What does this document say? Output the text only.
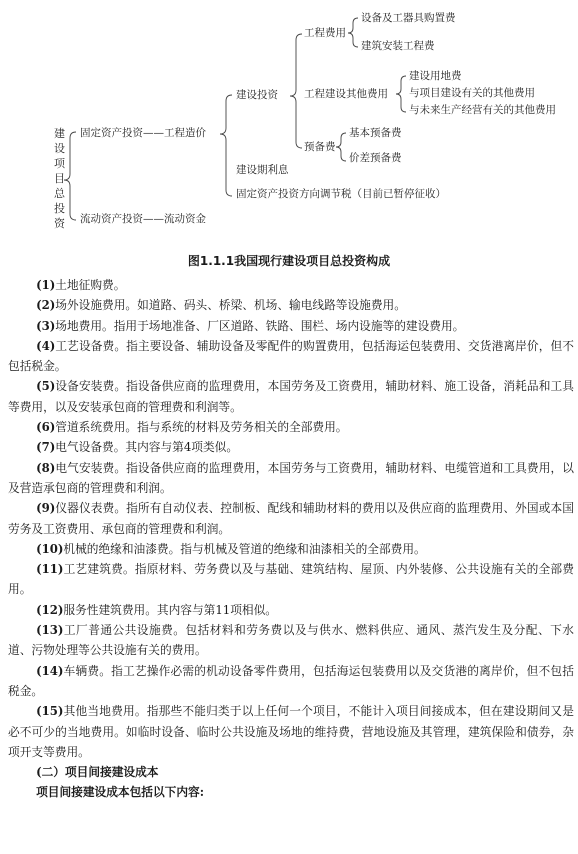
建设项目总投资
固定资产投资——工程造价
流动资产投资——流动资金
建设投资
建设期利息
固定资产投资方向调节税（目前已暂停征收）
工程费用
工程建设其他费用
预备费
设备及工器具购置费
建筑安装工程费
建设用地费
与项目建设有关的其他费用
与未来生产经营有关的其他费用
基本预备费
价差预备费
图1.1.1我国现行建设项目总投资构成

(1)土地征购费。

(2)场外设施费用。如道路、码头、桥梁、机场、输电线路等设施费用。

(3)场地费用。指用于场地准备、厂区道路、铁路、围栏、场内设施等的建设费用。

(4)工艺设备费。指主要设备、辅助设备及零配件的购置费用，包括海运包装费用、交货港离岸价，但不包括税金。

(5)设备安装费。指设备供应商的监理费用，本国劳务及工资费用，辅助材料、施工设备，消耗品和工具等费用，以及安装承包商的管理费和利润等。

(6)管道系统费用。指与系统的材料及劳务相关的全部费用。

(7)电气设备费。其内容与第4项类似。

(8)电气安装费。指设备供应商的监理费用，本国劳务与工资费用，辅助材料、电缆管道和工具费用，以及营造承包商的管理费和利润。

(9)仪器仪表费。指所有自动仪表、控制板、配线和辅助材料的费用以及供应商的监理费用、外国或本国劳务及工资费用、承包商的管理费和利润。

(10)机械的绝缘和油漆费。指与机械及管道的绝缘和油漆相关的全部费用。

(11)工艺建筑费。指原材料、劳务费以及与基础、建筑结构、屋顶、内外装修、公共设施有关的全部费用。

(12)服务性建筑费用。其内容与第11项相似。

(13)工厂普通公共设施费。包括材料和劳务费以及与供水、燃料供应、通风、蒸汽发生及分配、下水道、污物处理等公共设施有关的费用。

(14)车辆费。指工艺操作必需的机动设备零件费用，包括海运包装费用以及交货港的离岸价，但不包括税金。

(15)其他当地费用。指那些不能归类于以上任何一个项目，不能计入项目间接成本，但在建设期间又是必不可少的当地费用。如临时设备、临时公共设施及场地的维持费，营地设施及其管理，建筑保险和债券，杂项开支等费用。

(二）项目间接建设成本

项目间接建设成本包括以下内容:
